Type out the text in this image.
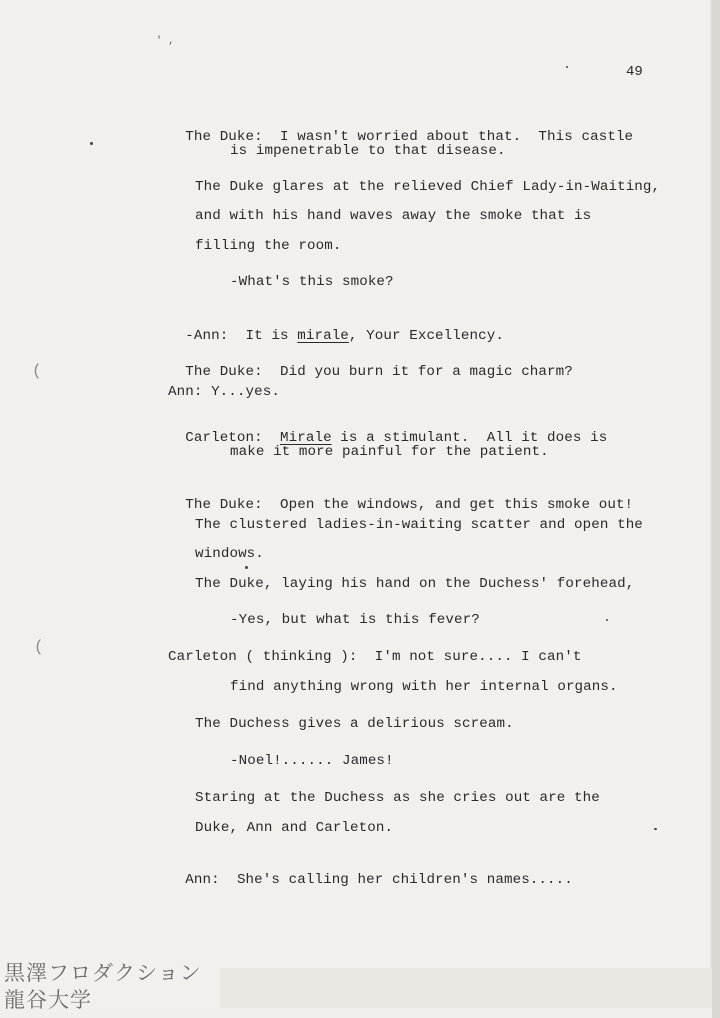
' ,
49

The Duke: I wasn't worried about that.  This castle

is impenetrable to that disease.
The Duke glares at the relieved Chief Lady-in-Waiting,
and with his hand waves away the smoke that is
filling the room.
-What's this smoke?

-Ann: It is mirale, Your Excellency.

The Duke: Did you burn it for a magic charm?

Ann: Y...yes.

Carleton: Mirale is a stimulant.  All it does is

make it more painful for the patient.

The Duke: Open the windows, and get this smoke out!

The clustered ladies-in-waiting scatter and open the
windows.
The Duke, laying his hand on the Duchess' forehead,
-Yes, but what is this fever?
Carleton ( thinking ):  I'm not sure.... I can't
find anything wrong with her internal organs.
The Duchess gives a delirious scream.
-Noel!...... James!
Staring at the Duchess as she cries out are the
Duke, Ann and Carleton.

Ann: She's calling her children's names.....

(
(
黒澤フロダクション
龍谷大学
